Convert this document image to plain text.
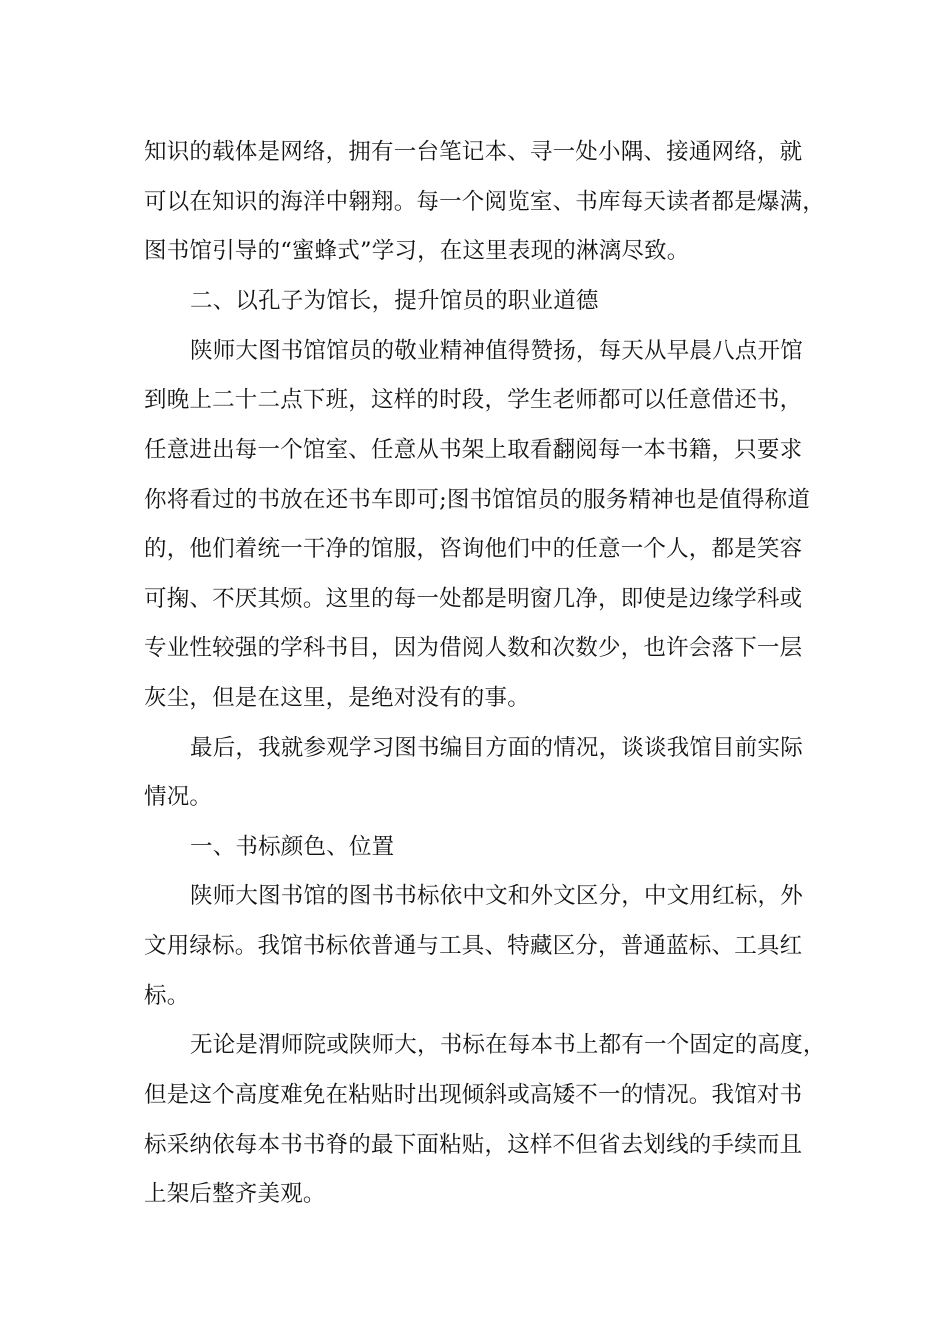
知识的载体是网络，拥有一台笔记本、寻一处小隅、接通网络，就
可以在知识的海洋中翱翔。每一个阅览室、书库每天读者都是爆满，
图书馆引导的“蜜蜂式”学习，在这里表现的淋漓尽致。
二、以孔子为馆长，提升馆员的职业道德
陕师大图书馆馆员的敬业精神值得赞扬，每天从早晨八点开馆
到晚上二十二点下班，这样的时段，学生老师都可以任意借还书，
任意进出每一个馆室、任意从书架上取看翻阅每一本书籍，只要求
你将看过的书放在还书车即可;图书馆馆员的服务精神也是值得称道
的，他们着统一干净的馆服，咨询他们中的任意一个人，都是笑容
可掬、不厌其烦。这里的每一处都是明窗几净，即使是边缘学科或
专业性较强的学科书目，因为借阅人数和次数少，也许会落下一层
灰尘，但是在这里，是绝对没有的事。
最后，我就参观学习图书编目方面的情况，谈谈我馆目前实际
情况。
一、书标颜色、位置
陕师大图书馆的图书书标依中文和外文区分，中文用红标，外
文用绿标。我馆书标依普通与工具、特藏区分，普通蓝标、工具红
标。
无论是渭师院或陕师大，书标在每本书上都有一个固定的高度，
但是这个高度难免在粘贴时出现倾斜或高矮不一的情况。我馆对书
标采纳依每本书书脊的最下面粘贴，这样不但省去划线的手续而且
上架后整齐美观。
